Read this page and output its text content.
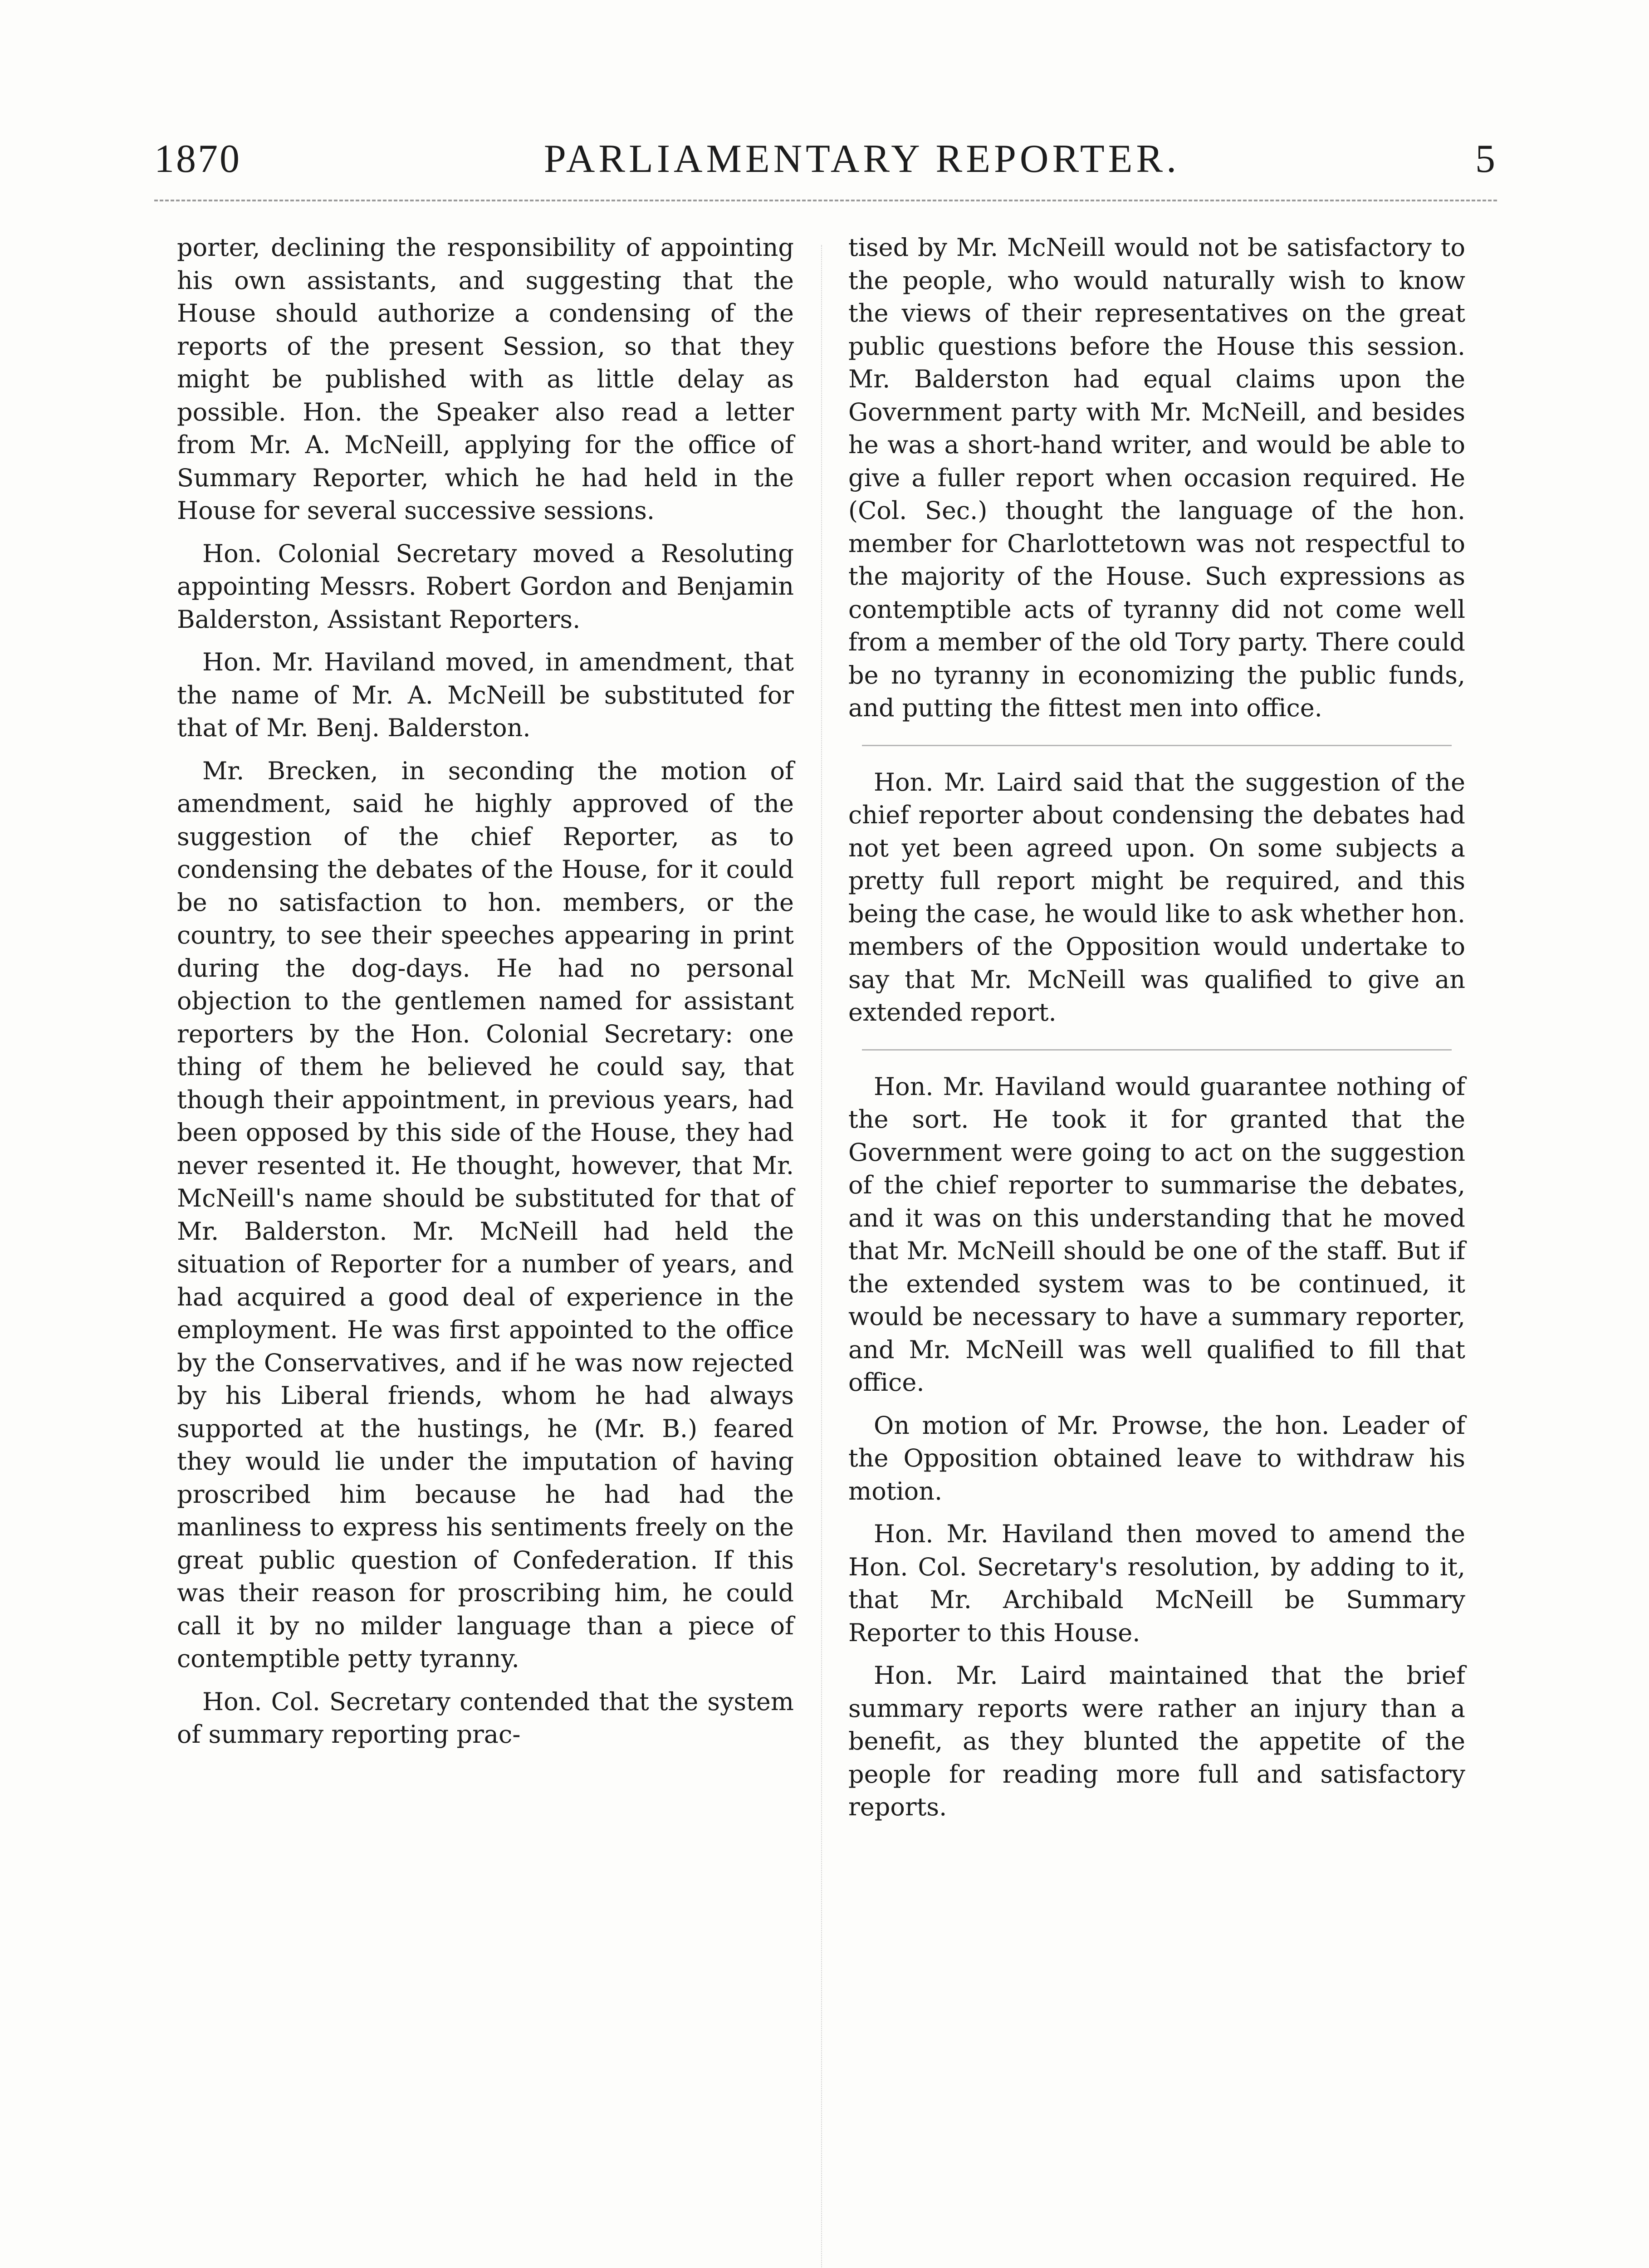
1870	PARLIAMENTARY REPORTER.	5

porter, declining the responsibility of appointing his own assistants, and suggesting that the House should authorize a condensing of the reports of the present Session, so that they might be published with as little delay as possible. Hon. the Speaker also read a letter from Mr. A. McNeill, applying for the office of Summary Reporter, which he had held in the House for several successive sessions.

Hon. Colonial Secretary moved a Resoluting appointing Messrs. Robert Gordon and Benjamin Balderston, Assistant Reporters.

Hon. Mr. Haviland moved, in amendment, that the name of Mr. A. McNeill be substituted for that of Mr. Benj. Balderston.

Mr. Brecken, in seconding the motion of amendment, said he highly approved of the suggestion of the chief Reporter, as to condensing the debates of the House, for it could be no satisfaction to hon. members, or the country, to see their speeches appearing in print during the dog-days. He had no personal objection to the gentlemen named for assistant reporters by the Hon. Colonial Secretary: one thing of them he believed he could say, that though their appointment, in previous years, had been opposed by this side of the House, they had never resented it. He thought, however, that Mr. McNeill's name should be substituted for that of Mr. Balderston. Mr. McNeill had held the situation of Reporter for a number of years, and had acquired a good deal of experience in the employment. He was first appointed to the office by the Conservatives, and if he was now rejected by his Liberal friends, whom he had always supported at the hustings, he (Mr. B.) feared they would lie under the imputation of having proscribed him because he had had the manliness to express his sentiments freely on the great public question of Confederation. If this was their reason for proscribing him, he could call it by no milder language than a piece of contemptible petty tyranny.

Hon. Col. Secretary contended that the system of summary reporting prac-

tised by Mr. McNeill would not be satisfactory to the people, who would naturally wish to know the views of their representatives on the great public questions before the House this session. Mr. Balderston had equal claims upon the Government party with Mr. McNeill, and besides he was a short-hand writer, and would be able to give a fuller report when occasion required. He (Col. Sec.) thought the language of the hon. member for Charlottetown was not respectful to the majority of the House. Such expressions as contemptible acts of tyranny did not come well from a member of the old Tory party. There could be no tyranny in economizing the public funds, and putting the fittest men into office.

Hon. Mr. Laird said that the suggestion of the chief reporter about condensing the debates had not yet been agreed upon. On some subjects a pretty full report might be required, and this being the case, he would like to ask whether hon. members of the Opposition would undertake to say that Mr. McNeill was qualified to give an extended report.

Hon. Mr. Haviland would guarantee nothing of the sort. He took it for granted that the Government were going to act on the suggestion of the chief reporter to summarise the debates, and it was on this understanding that he moved that Mr. McNeill should be one of the staff. But if the extended system was to be continued, it would be necessary to have a summary reporter, and Mr. McNeill was well qualified to fill that office.

On motion of Mr. Prowse, the hon. Leader of the Opposition obtained leave to withdraw his motion.

Hon. Mr. Haviland then moved to amend the Hon. Col. Secretary's resolution, by adding to it, that Mr. Archibald McNeill be Summary Reporter to this House.

Hon. Mr. Laird maintained that the brief summary reports were rather an injury than a benefit, as they blunted the appetite of the people for reading more full and satisfactory reports.
